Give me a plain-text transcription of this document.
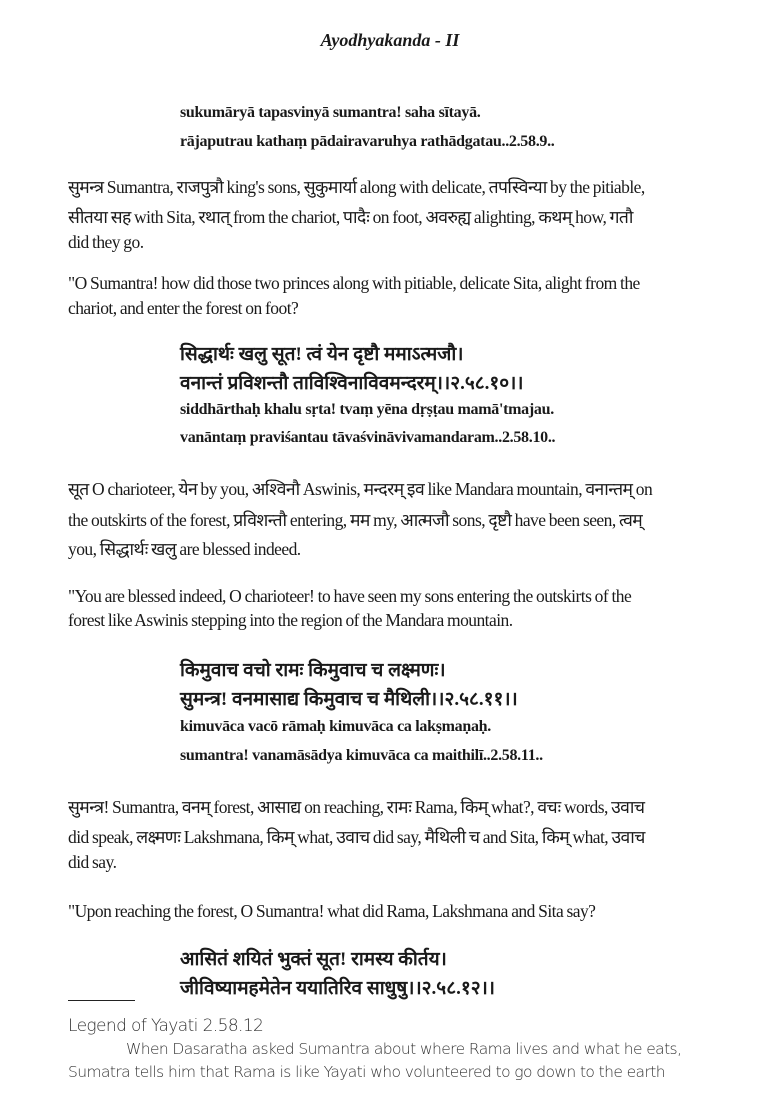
Ayodhyakanda - II
sukumāryā tapasvinyā sumantra! saha sītayā.
rājaputrau kathaṃ pādairavaruhya rathādgatau..2.58.9..
सुमन्त्र Sumantra, राजपुत्रौ king's sons, सुकुमार्या along with delicate, तपस्विन्या by the pitiable,
सीतया सह with Sita, रथात् from the chariot, पादैः on foot, अवरुह्य alighting, कथम् how, गतौ
did they go.
"O Sumantra! how did those two princes along with pitiable, delicate Sita, alight from the
chariot, and enter the forest on foot?
सिद्धार्थः खलु सूत! त्वं येन दृष्टौ ममाऽत्मजौ।
वनान्तं प्रविशन्तौ ताविश्विनाविवमन्दरम्।।२.५८.१०।।
siddhārthaḥ khalu sṛta! tvaṃ yēna dṛṣṭau mamā'tmajau.
vanāntaṃ praviśantau tāvaśvināvivamandaram..2.58.10..
सूत O charioteer, येन by you, अश्विनौ Aswinis, मन्दरम् इव like Mandara mountain, वनान्तम् on
the outskirts of the forest, प्रविशन्तौ entering, मम my, आत्मजौ sons, दृष्टौ have been seen, त्वम्
you, सिद्धार्थः खलु are blessed indeed.
"You are blessed indeed, O charioteer! to have seen my sons entering the outskirts of the
forest like Aswinis stepping into the region of the Mandara mountain.
किमुवाच वचो रामः किमुवाच च लक्ष्मणः।
सुमन्त्र! वनमासाद्य किमुवाच च मैथिली।।२.५८.११।।
kimuvāca vacō rāmaḥ kimuvāca ca lakṣmaṇaḥ.
sumantra! vanamāsādya kimuvāca ca maithilī..2.58.11..
सुमन्त्र! Sumantra, वनम् forest, आसाद्य on reaching, रामः Rama, किम् what?, वचः words, उवाच
did speak, लक्ष्मणः Lakshmana, किम् what, उवाच did say, मैथिली च and Sita, किम् what, उवाच
did say.
"Upon reaching the forest, O Sumantra! what did Rama, Lakshmana and Sita say?
आसितं शयितं भुक्तं सूत! रामस्य कीर्तय।
जीविष्यामहमेतेन ययातिरिव साधुषु।।२.५८.१२।।
Legend of Yayati 2.58.12
When Dasaratha asked Sumantra about where Rama lives and what he eats,
Sumatra tells him that Rama is like Yayati who volunteered to go down to the earth
